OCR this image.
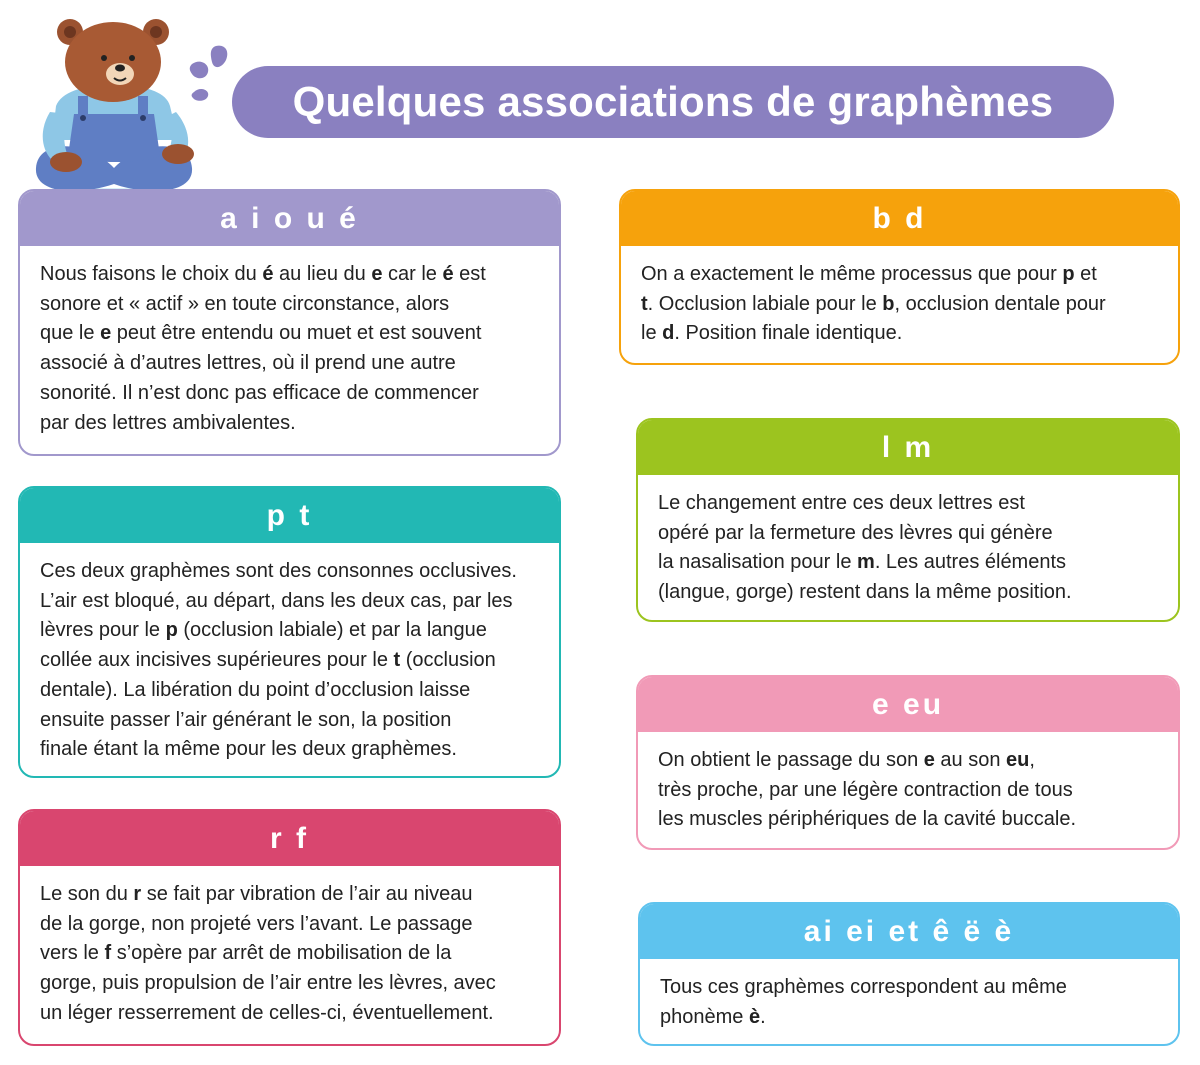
Quelques associations de graphèmes
a i o u é

Nous faisons le choix du é au lieu du e car le é est

sonore et « actif » en toute circonstance, alors

que le e peut être entendu ou muet et est souvent

associé à d’autres lettres, où il prend une autre

sonorité. Il n’est donc pas efficace de commencer

par des lettres ambivalentes.

p t

Ces deux graphèmes sont des consonnes occlusives.

L’air est bloqué, au départ, dans les deux cas, par les

lèvres pour le p (occlusion labiale) et par la langue

collée aux incisives supérieures pour le t (occlusion

dentale). La libération du point d’occlusion laisse

ensuite passer l’air générant le son, la position

finale étant la même pour les deux graphèmes.

r f

Le son du r se fait par vibration de l’air au niveau

de la gorge, non projeté vers l’avant. Le passage

vers le f s’opère par arrêt de mobilisation de la

gorge, puis propulsion de l’air entre les lèvres, avec

un léger resserrement de celles-ci, éventuellement.

b d

On a exactement le même processus que pour p et

t. Occlusion labiale pour le b, occlusion dentale pour

le d. Position finale identique.

l m

Le changement entre ces deux lettres est

opéré par la fermeture des lèvres qui génère

la nasalisation pour le m. Les autres éléments

(langue, gorge) restent dans la même position.

e eu

On obtient le passage du son e au son eu,

très proche, par une légère contraction de tous

les muscles périphériques de la cavité buccale.

ai ei et ê ë è

Tous ces graphèmes correspondent au même

phonème è.
